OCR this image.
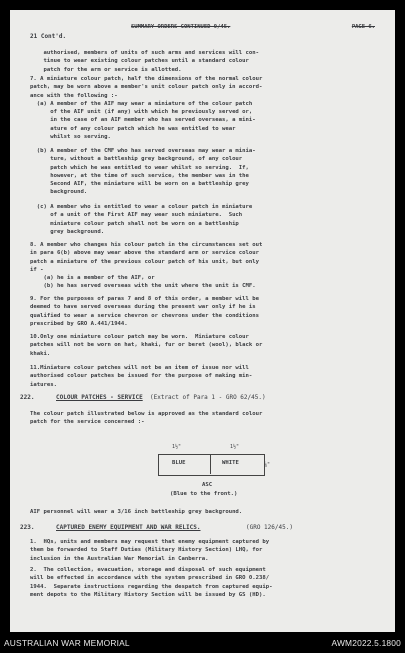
SUMMARY ORDERS CONTINUED 9/45.	PAGE 6.
21 Cont'd.
authorised, members of units of such arms and services will con-
tinue to wear existing colour patches until a standard colour
patch for the arm or service is allotted.
7. A miniature colour patch, half the dimensions of the normal colour
patch, may be worn above a member's unit colour patch only in accord-
ance with the following :-
(a) A member of the AIF may wear a miniature of the colour patch
of the AIF unit (if any) with which he previously served or,
in the case of an AIF member who has served overseas, a mini-
ature of any colour patch which he was entitled to wear
whilst so serving.
(b) A member of the CMF who has served overseas may wear a minia-
ture, without a battleship grey background, of any colour
patch which he was entitled to wear whilst so serving.  If,
however, at the time of such service, the member was in the
Second AIF, the miniature will be worn on a battleship grey
background.
(c) A member who is entitled to wear a colour patch in miniature
of a unit of the First AIF may wear such miniature.  Such
miniature colour patch shall not be worn on a battleship
grey background.
8. A member who changes his colour patch in the circumstances set out
in para 6(b) above may wear above the standard arm or service colour
patch a miniature of the previous colour patch of his unit, but only
if -
(a) he is a member of the AIF, or
(b) he has served overseas with the unit where the unit is CMF.
9. For the purposes of paras 7 and 8 of this order, a member will be
deemed to have served overseas during the present war only if he is
qualified to wear a service chevron or chevrons under the conditions
prescribed by GRO A.441/1944.
10.Only one miniature colour patch may be worn.  Miniature colour
patches will not be worn on hat, khaki, fur or beret (wool), black or
khaki.
11.Miniature colour patches will not be an item of issue nor will
authorised colour patches be issued for the purpose of making min-
iatures.
222.	COLOUR PATCHES - SERVICE (Extract of Para 1 - GRO 62/45.)
The colour patch illustrated below is approved as the standard colour
patch for the service concerned :-
1½"	1½"
⅝"
BLUE	WHITE
ASC
(Blue to the front.)
AIF personnel will wear a 3/16 inch battleship grey background.
223.	CAPTURED ENEMY EQUIPMENT AND WAR RELICS.	(GRO 126/45.)
1.  HQs, units and members may request that enemy equipment captured by
them be forwarded to Staff Duties (Military History Section) LHQ, for
inclusion in the Australian War Memorial in Canberra.
2.  The collection, evacuation, storage and disposal of such equipment
will be effected in accordance with the system prescribed in GRO 0.238/
1944.  Separate instructions regarding the despatch from captured equip-
ment depots to the Military History Section will be issued by GS (HD).
AUSTRALIAN WAR MEMORIAL	AWM2022.5.1800
